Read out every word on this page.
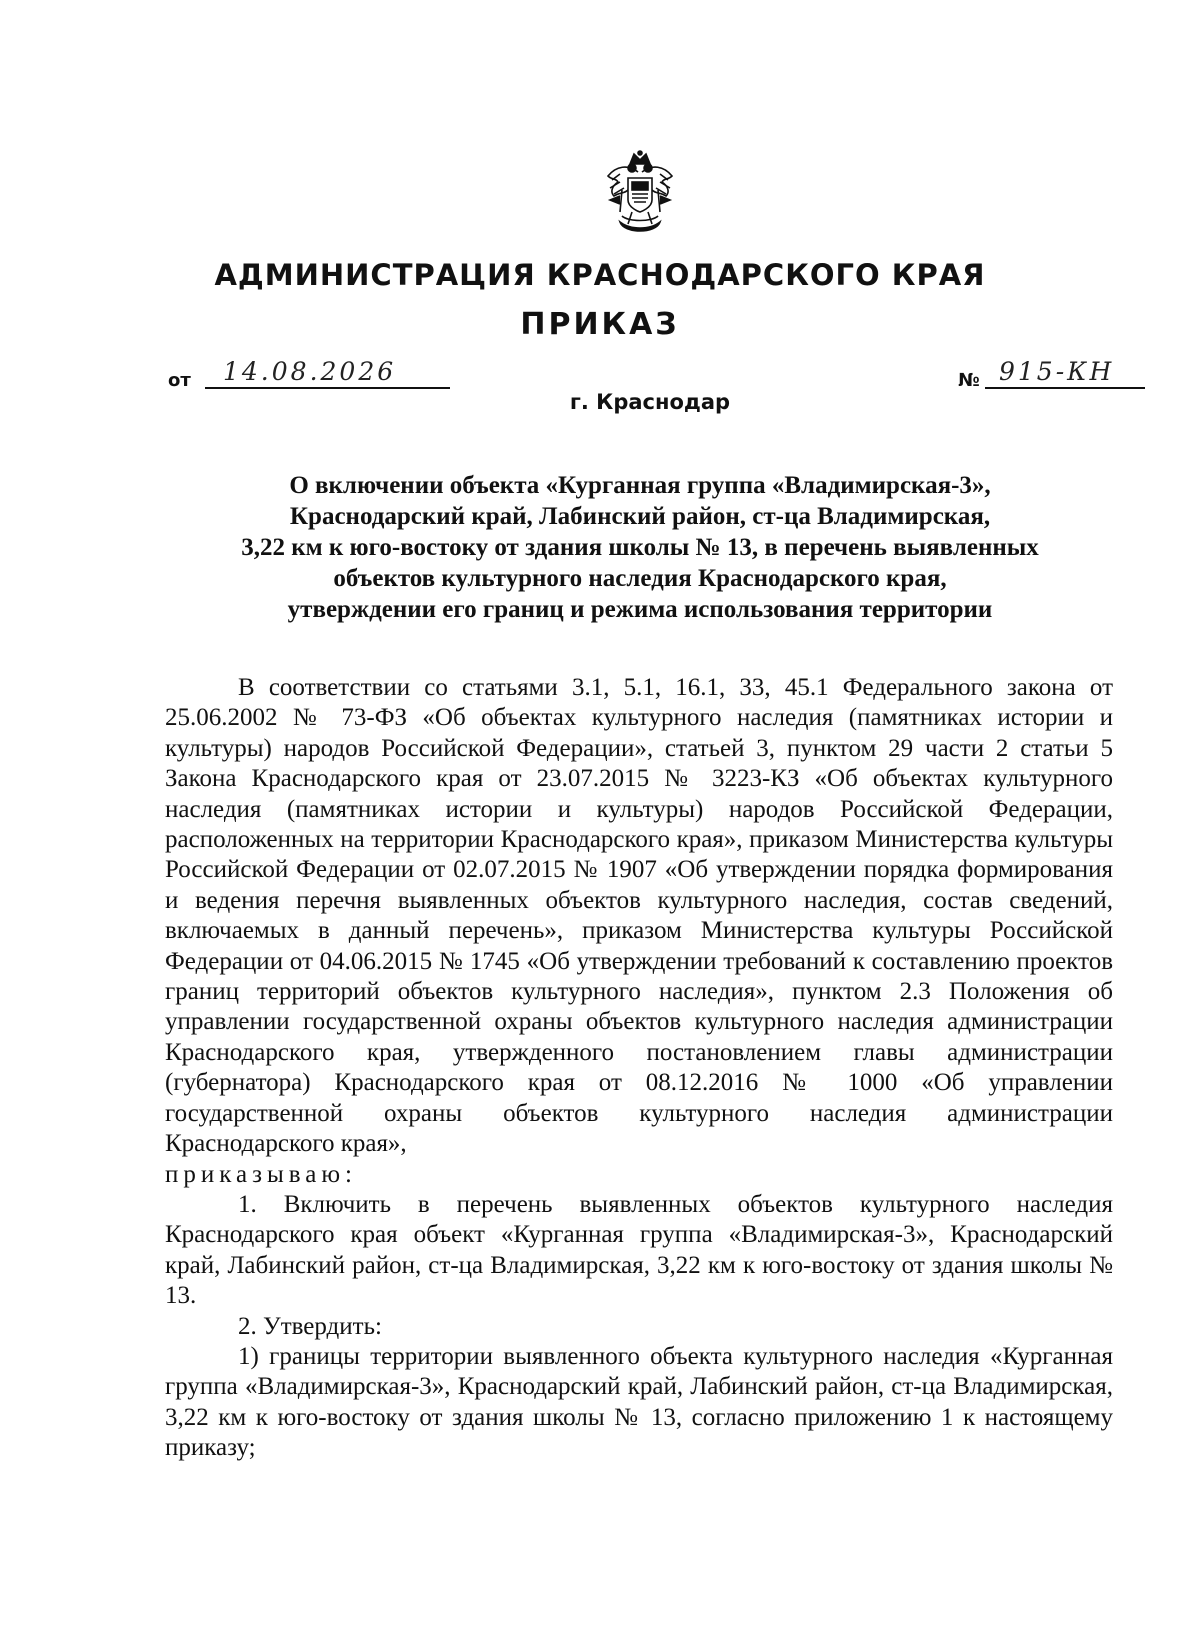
АДМИНИСТРАЦИЯ КРАСНОДАРСКОГО КРАЯ
ПРИКАЗ
от	14.08.2026	№ 915-КН
г. Краснодар
О включении объекта «Курганная группа «Владимирская-3»,
Краснодарский край, Лабинский район, ст-ца Владимирская,
3,22 км к юго-востоку от здания школы № 13, в перечень выявленных
объектов культурного наследия Краснодарского края,
утверждении его границ и режима использования территории

В соответствии со статьями 3.1, 5.1, 16.1, 33, 45.1 Федерального закона от 25.06.2002 № 73-ФЗ «Об объектах культурного наследия (памятниках истории и культуры) народов Российской Федерации», статьей 3, пунктом 29 части 2 статьи 5 Закона Краснодарского края от 23.07.2015 № 3223-КЗ «Об объектах культурного наследия (памятниках истории и культуры) народов Российской Федерации, расположенных на территории Краснодарского края», приказом Министерства культуры Российской Федерации от 02.07.2015 № 1907 «Об утверждении порядка формирования и ведения перечня выявленных объектов культурного наследия, состав сведений, включаемых в данный перечень», приказом Министерства культуры Российской Федерации от 04.06.2015 № 1745 «Об утверждении требований к составлению проектов границ территорий объектов культурного наследия», пунктом 2.3 Положения об управлении государственной охраны объектов культурного наследия администрации Краснодарского края, утвержденного постановлением главы администрации (губернатора) Краснодарского края от 08.12.2016 № 1000 «Об управлении государственной охраны объектов культурного наследия администрации Краснодарского края»,

приказываю:

1. Включить в перечень выявленных объектов культурного наследия Краснодарского края объект «Курганная группа «Владимирская-3», Краснодарский край, Лабинский район, ст-ца Владимирская, 3,22 км к юго-востоку от здания школы № 13.

2. Утвердить:

1) границы территории выявленного объекта культурного наследия «Курганная группа «Владимирская-3», Краснодарский край, Лабинский район, ст-ца Владимирская, 3,22 км к юго-востоку от здания школы № 13, согласно приложению 1 к настоящему приказу;
